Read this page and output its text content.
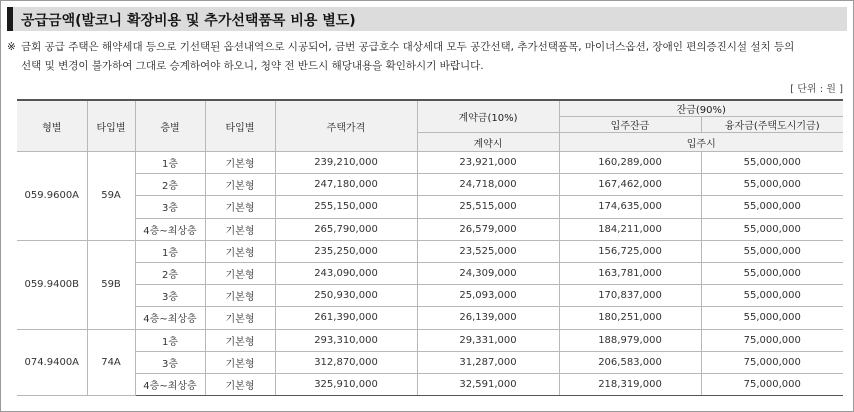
공급금액(발코니 확장비용 및 추가선택품목 비용 별도)
※ 금회 공급 주택은 해약세대 등으로 기선택된 옵션내역으로 시공되어, 금번 공급호수 대상세대 모두 공간선택, 추가선택품목, 마이너스옵션, 장애인 편의증진시설 설치 등의
선택 및 변경이 불가하여 그대로 승계하여야 하오니, 청약 전 반드시 해당내용을 확인하시기 바랍니다.
[ 단위 : 원 ]
형별	타입별	층별	타입별	주택가격	계약금(10%)	잔금(90%)	
						입주잔금	융자금(주택도시기금)
					계약시	입주시	
059.9600A	59A	1층	기본형	239,210,000	23,921,000	160,289,000	55,000,000
		2층	기본형	247,180,000	24,718,000	167,462,000	55,000,000
		3층	기본형	255,150,000	25,515,000	174,635,000	55,000,000
		4층~최상층	기본형	265,790,000	26,579,000	184,211,000	55,000,000
059.9400B	59B	1층	기본형	235,250,000	23,525,000	156,725,000	55,000,000
		2층	기본형	243,090,000	24,309,000	163,781,000	55,000,000
		3층	기본형	250,930,000	25,093,000	170,837,000	55,000,000
		4층~최상층	기본형	261,390,000	26,139,000	180,251,000	55,000,000
074.9400A	74A	1층	기본형	293,310,000	29,331,000	188,979,000	75,000,000
		3층	기본형	312,870,000	31,287,000	206,583,000	75,000,000
		4층~최상층	기본형	325,910,000	32,591,000	218,319,000	75,000,000
